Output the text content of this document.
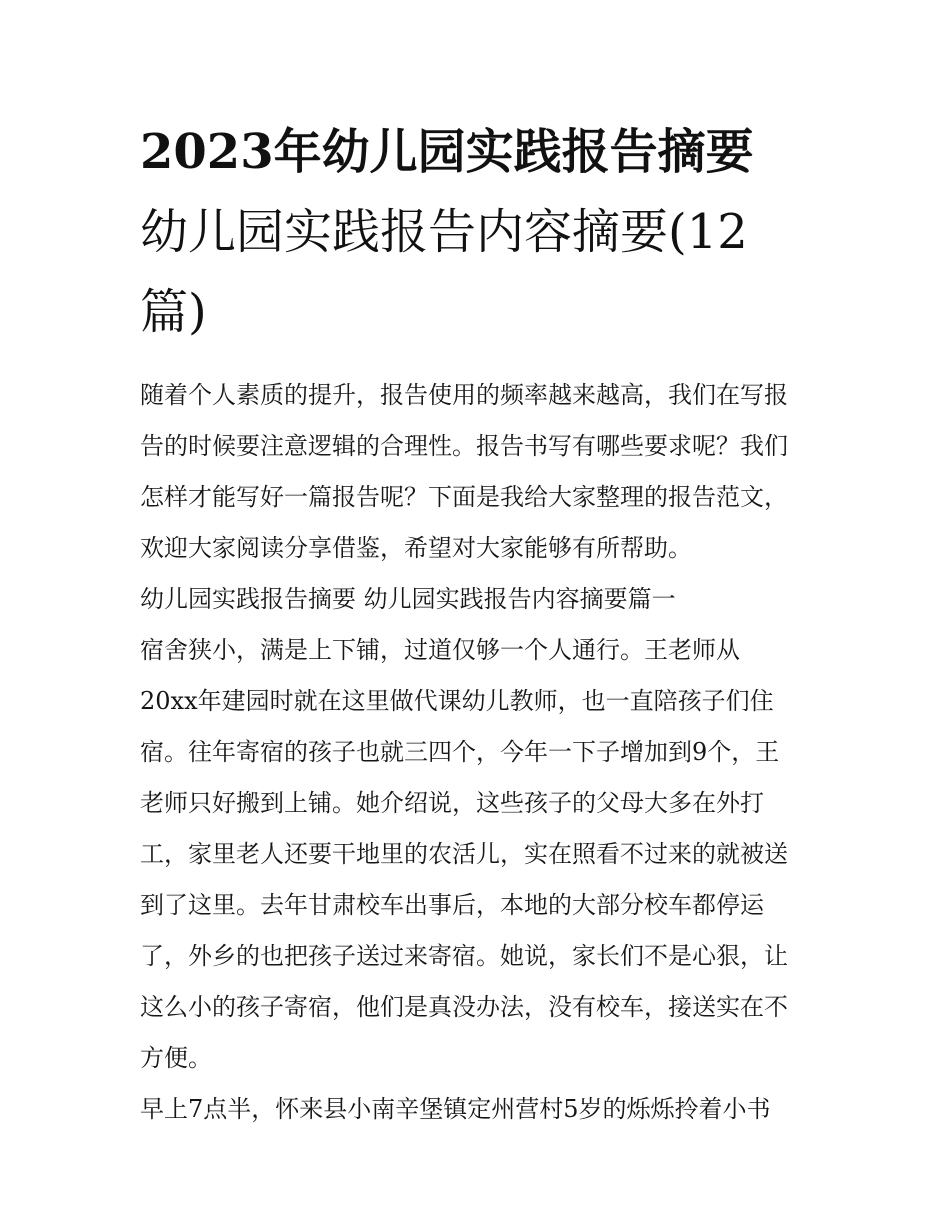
2023年幼儿园实践报告摘要
幼儿园实践报告内容摘要(12
篇)
随着个人素质的提升，报告使用的频率越来越高，我们在写报
告的时候要注意逻辑的合理性。报告书写有哪些要求呢？我们
怎样才能写好一篇报告呢？下面是我给大家整理的报告范文，
欢迎大家阅读分享借鉴，希望对大家能够有所帮助。
幼儿园实践报告摘要 幼儿园实践报告内容摘要篇一
宿舍狭小，满是上下铺，过道仅够一个人通行。王老师从
20xx年建园时就在这里做代课幼儿教师，也一直陪孩子们住
宿。往年寄宿的孩子也就三四个，今年一下子增加到9个，王
老师只好搬到上铺。她介绍说，这些孩子的父母大多在外打
工，家里老人还要干地里的农活儿，实在照看不过来的就被送
到了这里。去年甘肃校车出事后，本地的大部分校车都停运
了，外乡的也把孩子送过来寄宿。她说，家长们不是心狠，让
这么小的孩子寄宿，他们是真没办法，没有校车，接送实在不
方便。
早上7点半，怀来县小南辛堡镇定州营村5岁的烁烁拎着小书
